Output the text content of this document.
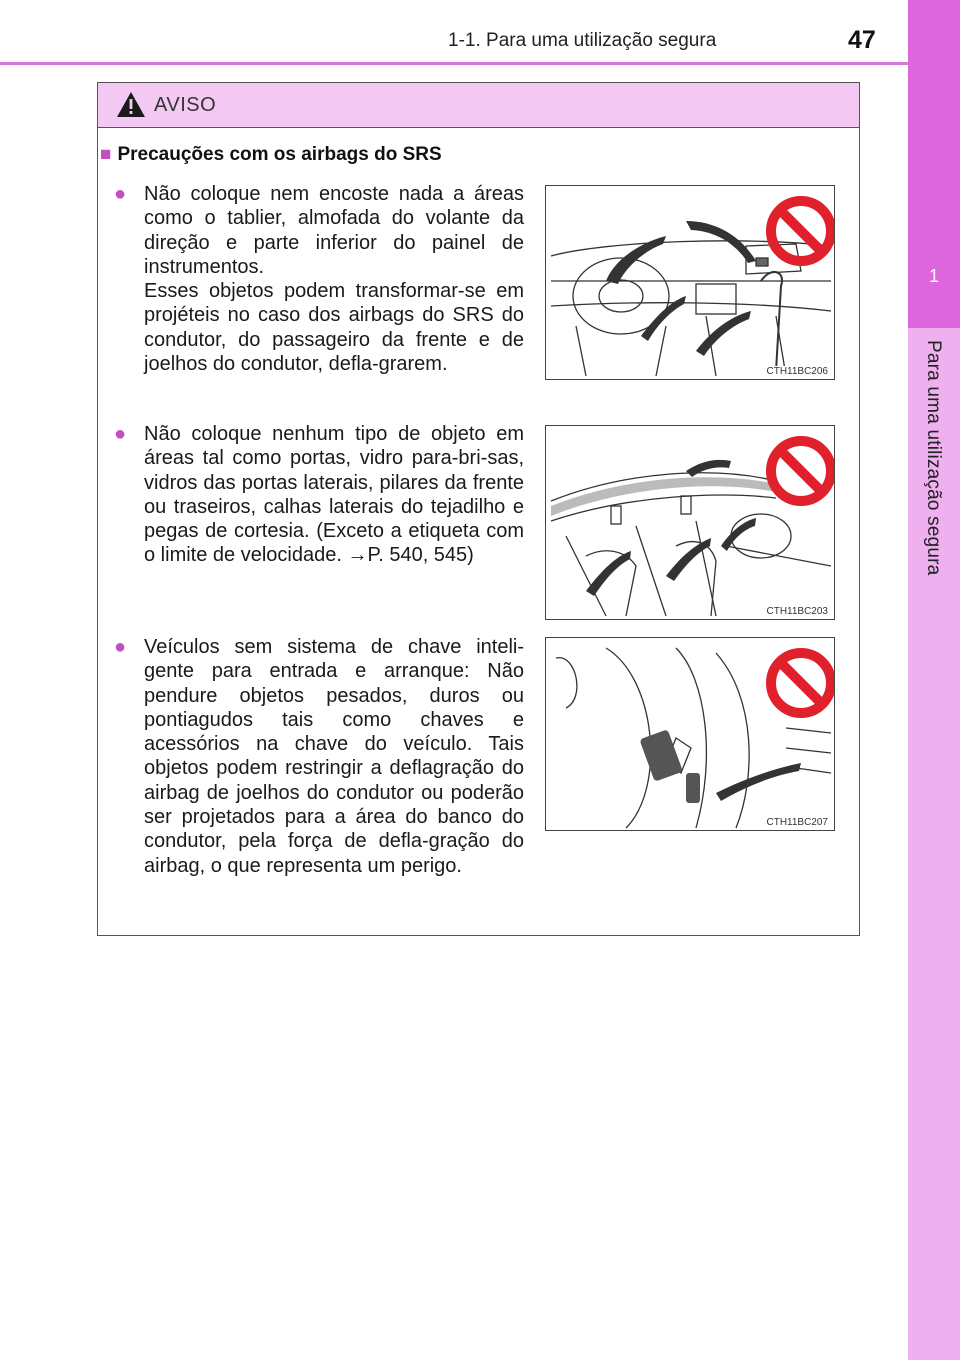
1-1. Para uma utilização segura	47
1
Para uma utilização segura
AVISO
■ Precauções com os airbags do SRS
● Não coloque nem encoste nada a áreas como o tablier, almofada do volante da direção e parte inferior do painel de instrumentos.

Esses objetos podem transformar-se em projéteis no caso dos airbags do SRS do condutor, do passageiro da frente e de joelhos do condutor, defla-grarem.	CTH11BC206
● Não coloque nenhum tipo de objeto em áreas tal como portas, vidro para-bri-sas, vidros das portas laterais, pilares da frente ou traseiros, calhas laterais do tejadilho e pegas de cortesia. (Exceto a etiqueta com o limite de velocidade. →P. 540, 545)

CTH11BC203
● Veículos sem sistema de chave inteli-gente para entrada e arranque: Não pendure objetos pesados, duros ou pontiagudos tais como chaves e acessórios na chave do veículo. Tais objetos podem restringir a deflagração do airbag de joelhos do condutor ou poderão ser projetados para a área do banco do condutor, pela força de defla-gração do airbag, o que representa um perigo.

CTH11BC207
